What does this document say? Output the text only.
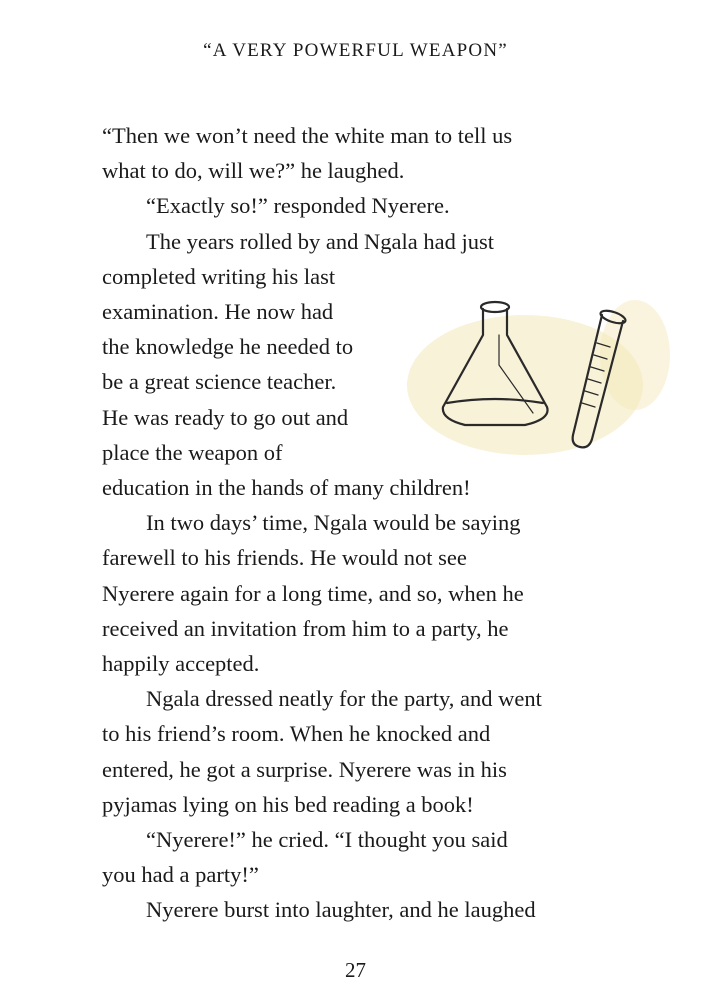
“A VERY POWERFUL WEAPON”
“Then we won’t need the white man to tell us
what to do, will we?” he laughed.
“Exactly so!” responded Nyerere.
The years rolled by and Ngala had just
completed writing his last
examination. He now had
the knowledge he needed to
be a great science teacher.
He was ready to go out and
place the weapon of
education in the hands of many children!
In two days’ time, Ngala would be saying
farewell to his friends. He would not see
Nyerere again for a long time, and so, when he
received an invitation from him to a party, he
happily accepted.
Ngala dressed neatly for the party, and went
to his friend’s room. When he knocked and
entered, he got a surprise. Nyerere was in his
pyjamas lying on his bed reading a book!
“Nyerere!” he cried. “I thought you said
you had a party!”
Nyerere burst into laughter, and he laughed
27
